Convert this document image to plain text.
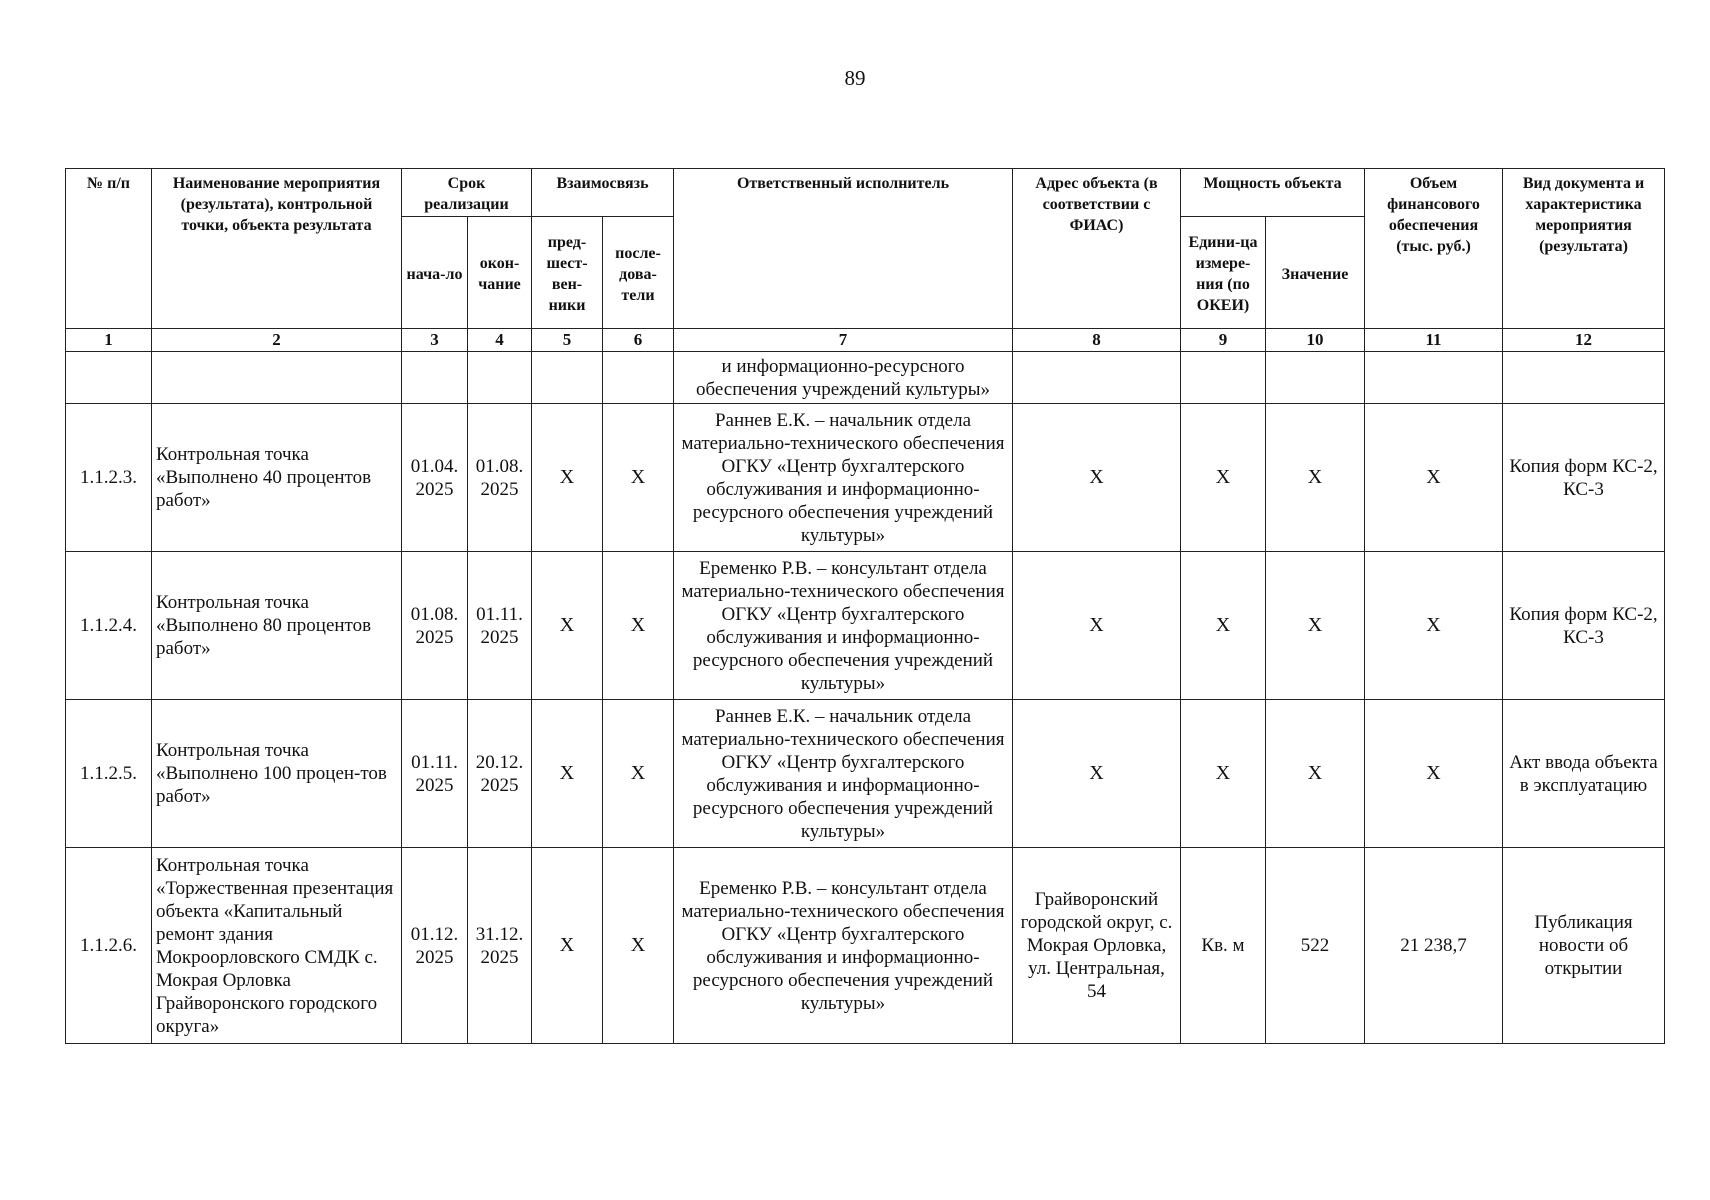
89
№ п/п	Наименование мероприятия (результата), контрольной точки, объекта результата	Срок реализации		Взаимосвязь		Ответственный исполнитель	Адрес объекта (в соответствии с ФИАС)	Мощность объекта		Объем финансового обеспечения (тыс. руб.)	Вид документа и характеристика мероприятия (результата)
		нача-ло	окон-чание	пред-шест-вен-ники	после-дова-тели			Едини-ца измере-ния (по ОКЕИ)	Значение		
1	2	3	4	5	6	7	8	9	10	11	12
						и информационно-ресурсного обеспечения учреждений культуры»					
1.1.2.3.	Контрольная точка «Выполнено 40 процентов работ»	01.04. 2025	01.08. 2025	X	X	Раннев Е.К. – начальник отдела материально-технического обеспечения ОГКУ «Центр бухгалтерского обслуживания и информационно-ресурсного обеспечения учреждений культуры»	X	X	X	X	Копия форм КС-2, КС-3
1.1.2.4.	Контрольная точка «Выполнено 80 процентов работ»	01.08. 2025	01.11. 2025	X	X	Еременко Р.В. – консультант отдела материально-технического обеспечения ОГКУ «Центр бухгалтерского обслуживания и информационно-ресурсного обеспечения учреждений культуры»	X	X	X	X	Копия форм КС-2, КС-3
1.1.2.5.	Контрольная точка «Выполнено 100 процен-тов работ»	01.11. 2025	20.12. 2025	X	X	Раннев Е.К. – начальник отдела материально-технического обеспечения ОГКУ «Центр бухгалтерского обслуживания и информационно-ресурсного обеспечения учреждений культуры»	X	X	X	X	Акт ввода объекта в эксплуатацию
1.1.2.6.	Контрольная точка «Торжественная презентация объекта «Капитальный ремонт здания Мокроорловского СМДК с. Мокрая Орловка Грайворонского городского округа»	01.12. 2025	31.12. 2025	X	X	Еременко Р.В. – консультант отдела материально-технического обеспечения ОГКУ «Центр бухгалтерского обслуживания и информационно-ресурсного обеспечения учреждений культуры»	Грайворонский городской округ, с. Мокрая Орловка, ул. Центральная, 54	Кв. м	522	21 238,7	Публикация новости об открытии
